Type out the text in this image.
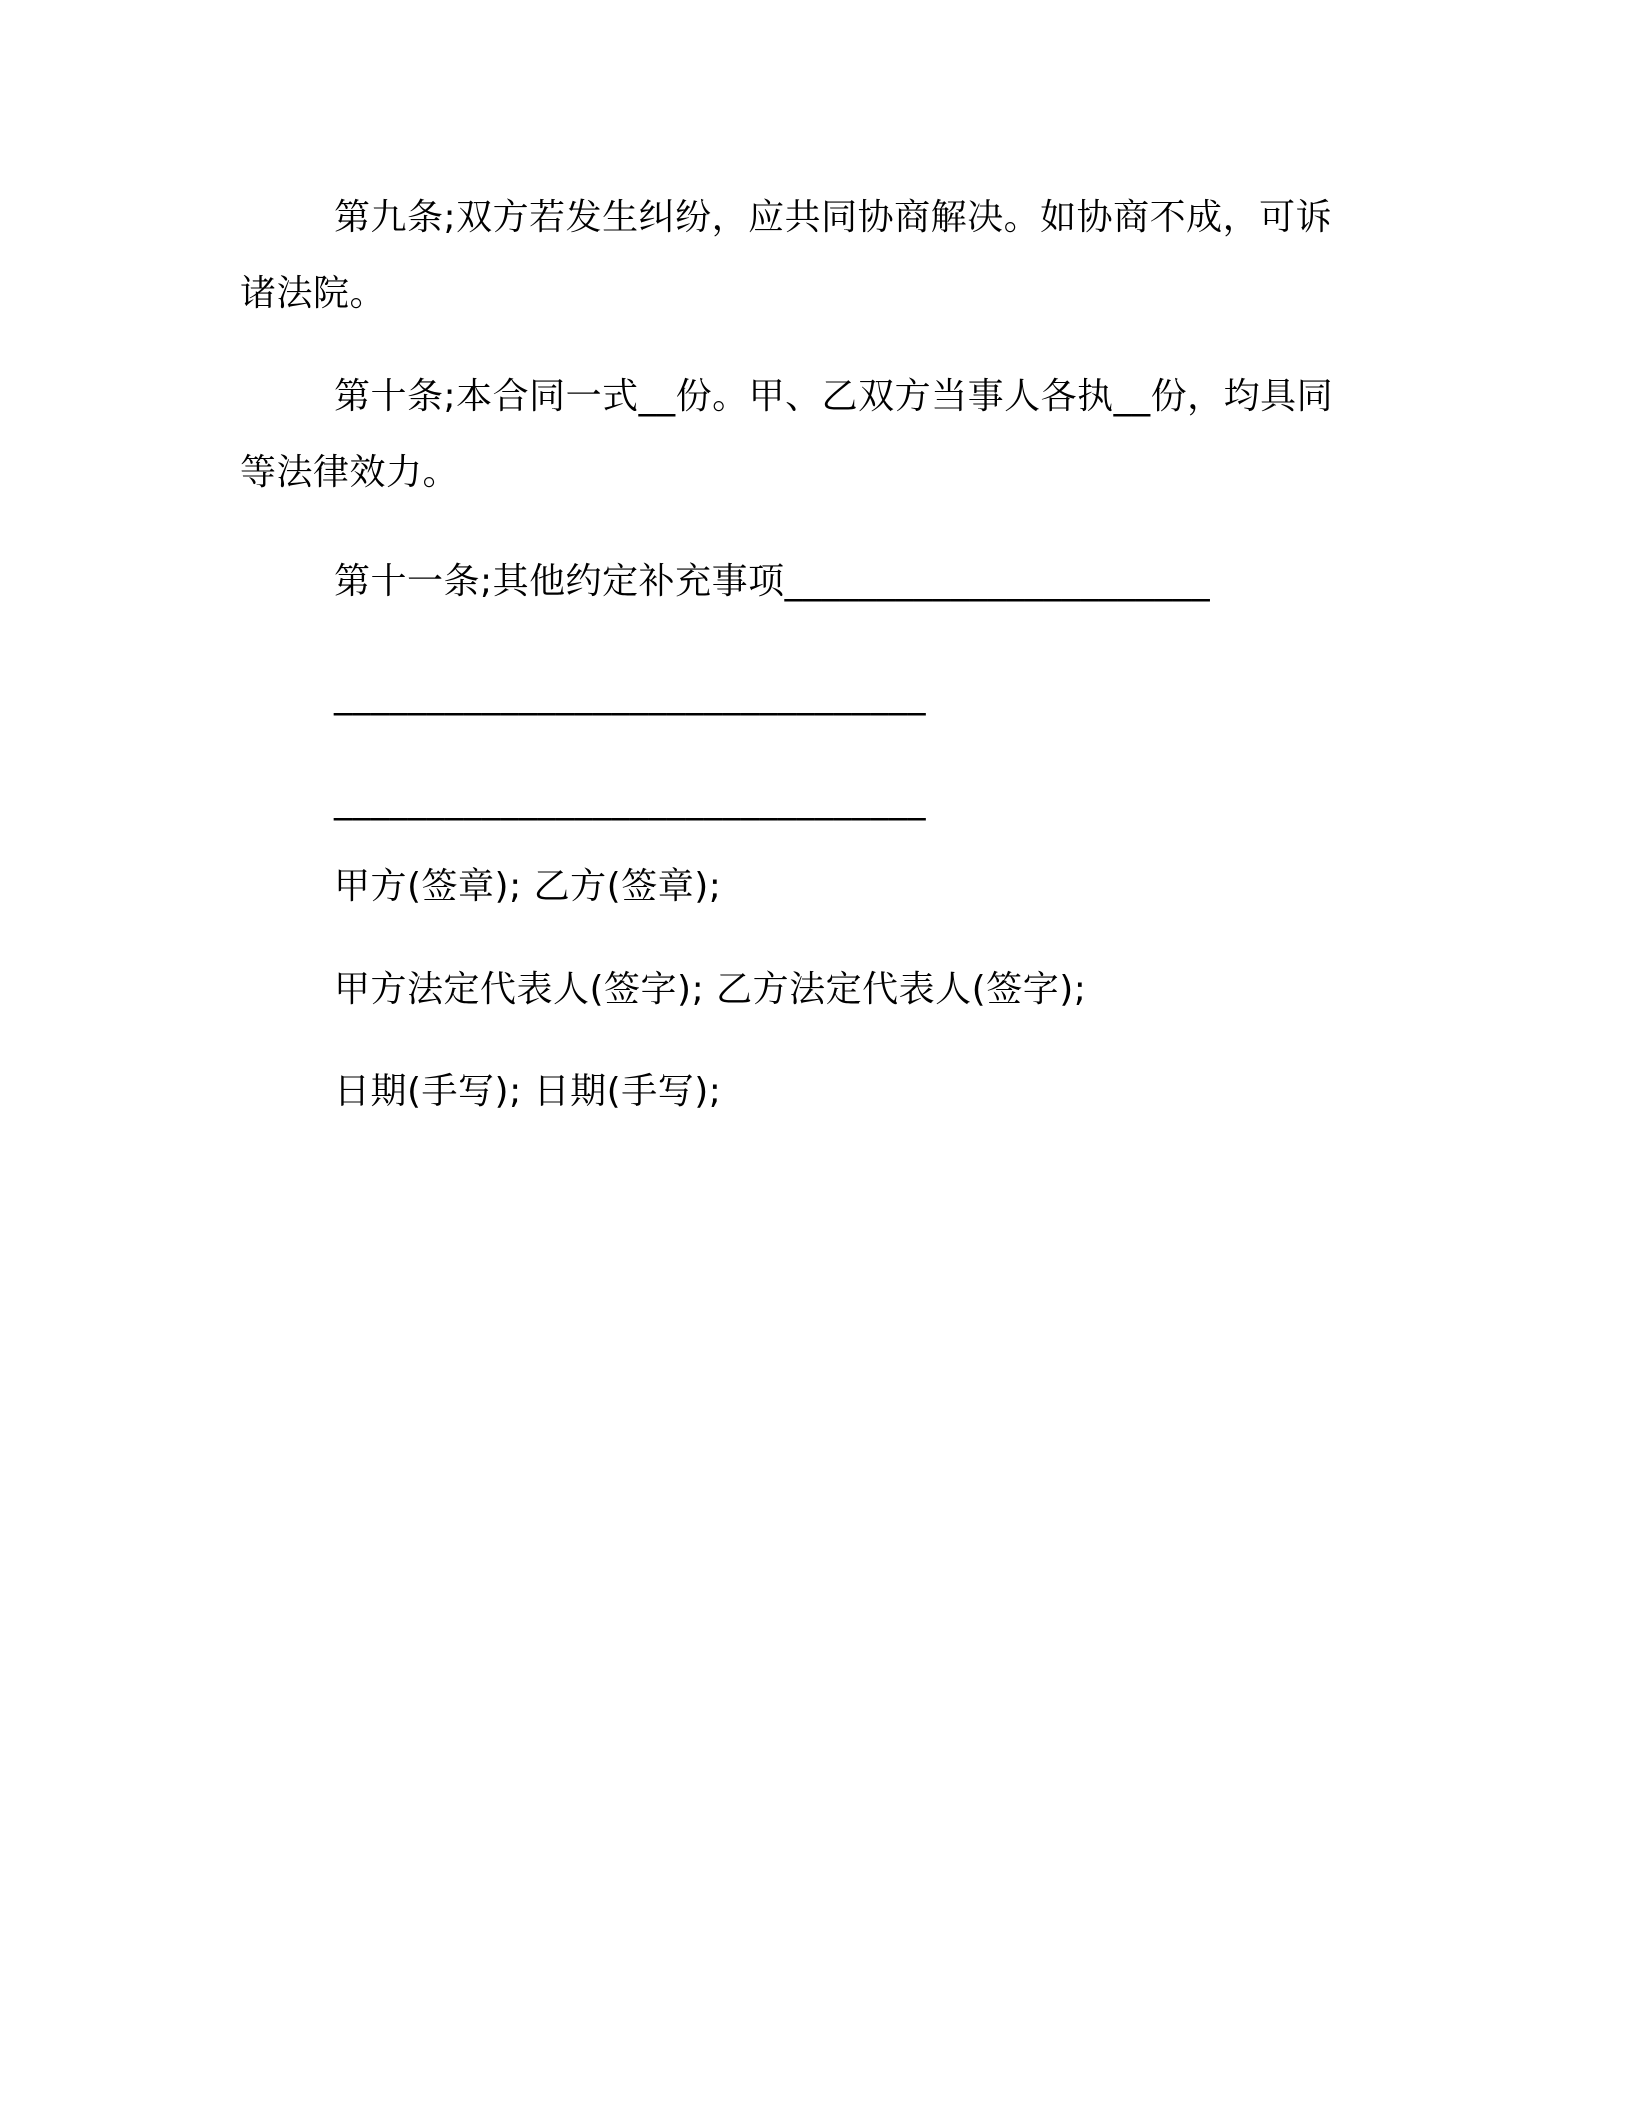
第九条;双方若发生纠纷，应共同协商解决。如协商不成，可诉
诸法院。
第十条;本合同一式__份。甲、乙双方当事人各执__份，均具同
等法律效力。
第十一条;其他约定补充事项_______________________
________________________________
________________________________
甲方(签章); 乙方(签章);
甲方法定代表人(签字); 乙方法定代表人(签字);
日期(手写); 日期(手写);
